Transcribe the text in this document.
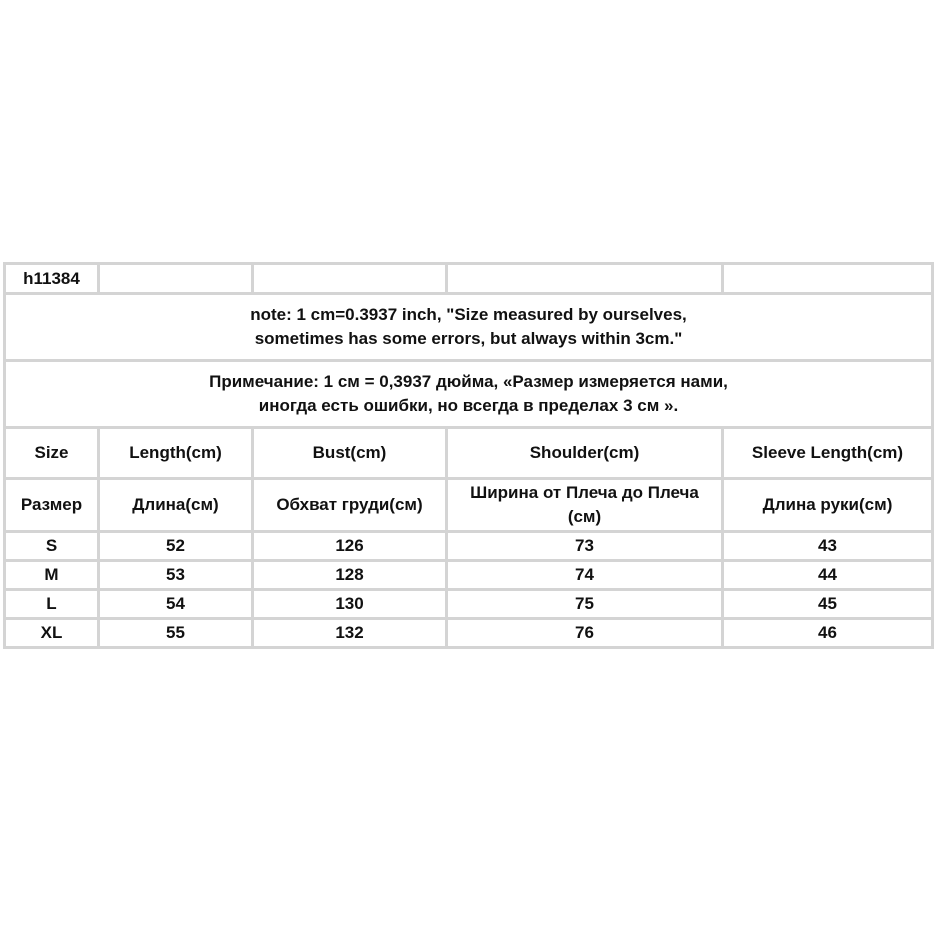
h11384				

note: 1 cm=0.3937 inch, "Size measured by ourselves,
sometimes has some errors, but always within 3cm."				

Примечание: 1 см = 0,3937 дюйма, «Размер измеряется нами,
иногда есть ошибки, но всегда в пределах 3 см ».				

Size	Length(cm)	Bust(cm)	Shoulder(cm)	Sleeve Length(cm)
Размер	Длина(см)	Обхват груди(см)	Ширина от Плеча до Плеча (см)	Длина руки(см)
S	52	126	73	43
M	53	128	74	44
L	54	130	75	45
XL	55	132	76	46
